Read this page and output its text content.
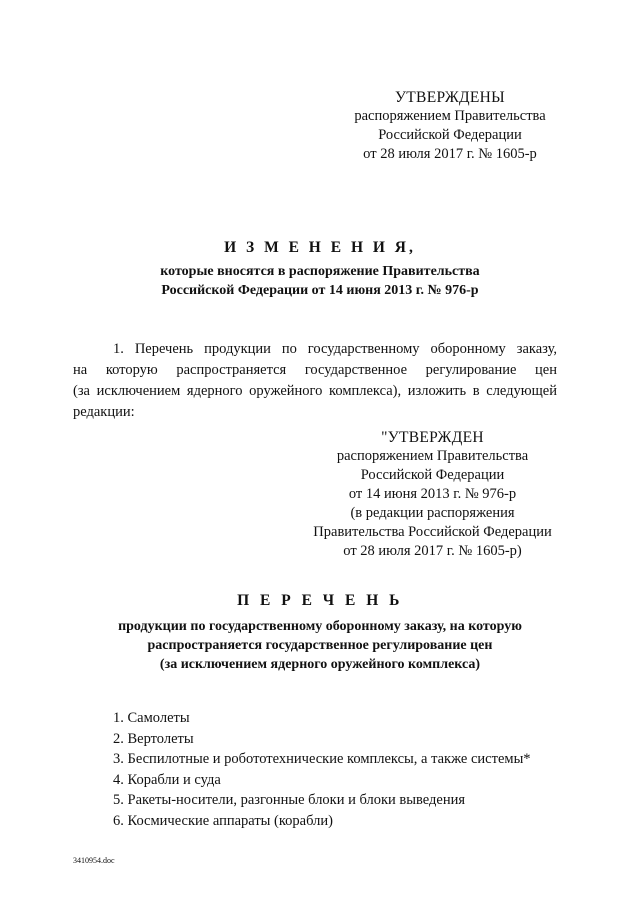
УТВЕРЖДЕНЫ
распоряжением Правительства
Российской Федерации
от 28 июля 2017 г. № 1605-р
И З М Е Н Е Н И Я,
которые вносятся в распоряжение Правительства
Российской Федерации от 14 июня 2013 г. № 976-р
1. Перечень продукции по государственному оборонному заказу,
на которую распространяется государственное регулирование цен
(за исключением ядерного оружейного комплекса), изложить в следующей
редакции:
"УТВЕРЖДЕН
распоряжением Правительства
Российской Федерации
от 14 июня 2013 г. № 976-р
(в редакции распоряжения
Правительства Российской Федерации
от 28 июля 2017 г. № 1605-р)
П Е Р Е Ч Е Н Ь
продукции по государственному оборонному заказу, на которую
распространяется государственное регулирование цен
(за исключением ядерного оружейного комплекса)
1. Самолеты
2. Вертолеты
3. Беспилотные и робототехнические комплексы, а также системы*
4. Корабли и суда
5. Ракеты-носители, разгонные блоки и блоки выведения
6. Космические аппараты (корабли)
3410954.doc
